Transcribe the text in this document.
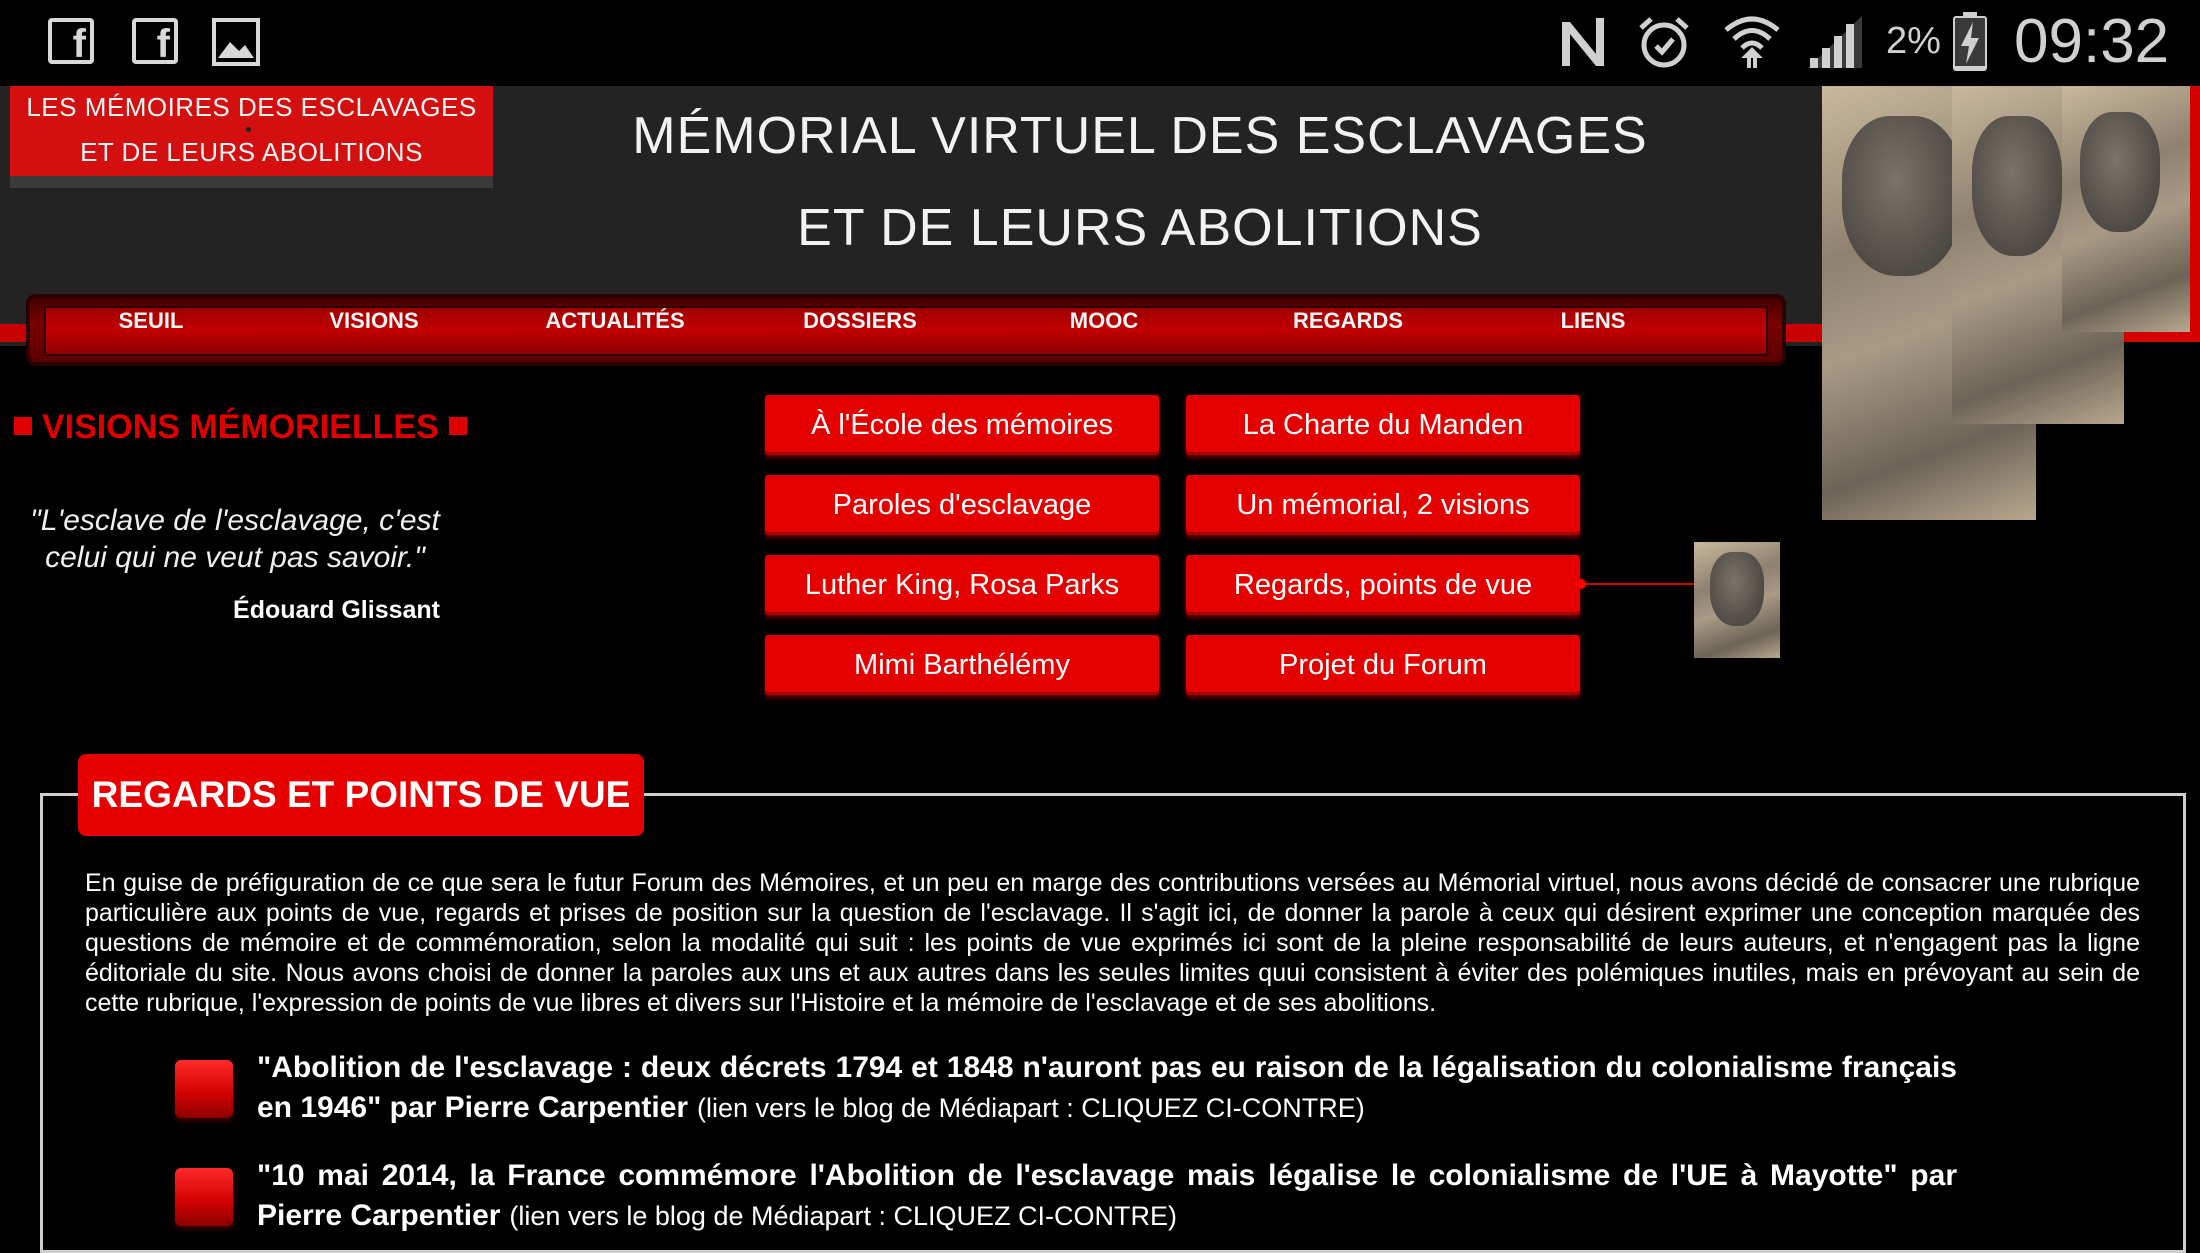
f	f	2% 09:32
LES MÉMOIRES DES ESCLAVAGES
ET DE LEURS ABOLITIONS	MÉMORIAL VIRTUEL DES ESCLAVAGES
ET DE LEURS ABOLITIONS
SEUIL	VISIONS	ACTUALITÉS	DOSSIERS	MOOC	REGARDS	LIENS
VISIONS MÉMORIELLES
"L'esclave de l'esclavage, c'est
celui qui ne veut pas savoir."
Édouard Glissant
À l'École des mémoires	La Charte du Manden
Paroles d'esclavage	Un mémorial, 2 visions
Luther King, Rosa Parks	Regards, points de vue
Mimi Barthélémy	Projet du Forum
REGARDS ET POINTS DE VUE
En guise de préfiguration de ce que sera le futur Forum des Mémoires, et un peu en marge des contributions versées au Mémorial virtuel, nous avons décidé de consacrer une rubrique particulière aux points de vue, regards et prises de position sur la question de l'esclavage. Il s'agit ici, de donner la parole à ceux qui désirent exprimer une conception marquée des questions de mémoire et de commémoration, selon la modalité qui suit : les points de vue exprimés ici sont de la pleine responsabilité de leurs auteurs, et n'engagent pas la ligne éditoriale du site. Nous avons choisi de donner la paroles aux uns et aux autres dans les seules limites quui consistent à éviter des polémiques inutiles, mais en prévoyant au sein de cette rubrique, l'expression de points de vue libres et divers sur l'Histoire et la mémoire de l'esclavage et de ses abolitions.
"Abolition de l'esclavage : deux décrets 1794 et 1848 n'auront pas eu raison de la légalisation du colonialisme français en 1946" par Pierre Carpentier (lien vers le blog de Médiapart : CLIQUEZ CI-CONTRE)
"10 mai 2014, la France commémore l'Abolition de l'esclavage mais légalise le colonialisme de l'UE à Mayotte" par Pierre Carpentier (lien vers le blog de Médiapart : CLIQUEZ CI-CONTRE)
